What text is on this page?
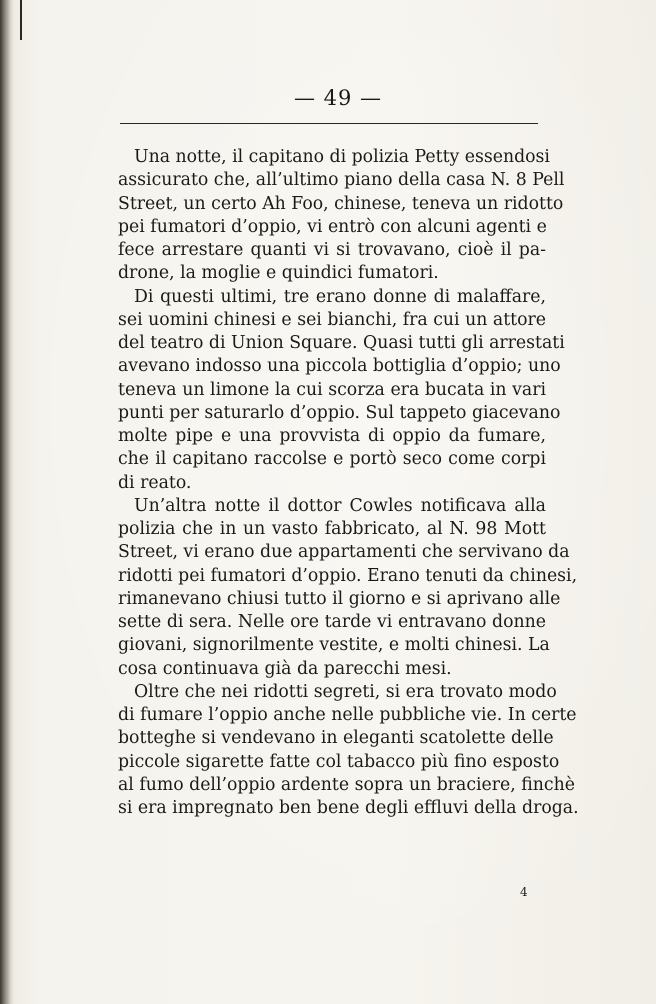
— 49 —
Una notte, il capitano di polizia Petty essendosi
assicurato che, all’ultimo piano della casa N. 8 Pell
Street, un certo Ah Foo, chinese, teneva un ridotto
pei fumatori d’oppio, vi entrò con alcuni agenti e
fece arrestare quanti vi si trovavano, cioè il pa-
drone, la moglie e quindici fumatori.
Di questi ultimi, tre erano donne di malaffare,
sei uomini chinesi e sei bianchi, fra cui un attore
del teatro di Union Square. Quasi tutti gli arrestati
avevano indosso una piccola bottiglia d’oppio; uno
teneva un limone la cui scorza era bucata in vari
punti per saturarlo d’oppio. Sul tappeto giacevano
molte pipe e una provvista di oppio da fumare,
che il capitano raccolse e portò seco come corpi
di reato.
Un’altra notte il dottor Cowles notificava alla
polizia che in un vasto fabbricato, al N. 98 Mott
Street, vi erano due appartamenti che servivano da
ridotti pei fumatori d’oppio. Erano tenuti da chinesi,
rimanevano chiusi tutto il giorno e si aprivano alle
sette di sera. Nelle ore tarde vi entravano donne
giovani, signorilmente vestite, e molti chinesi. La
cosa continuava già da parecchi mesi.
Oltre che nei ridotti segreti, si era trovato modo
di fumare l’oppio anche nelle pubbliche vie. In certe
botteghe si vendevano in eleganti scatolette delle
piccole sigarette fatte col tabacco più fino esposto
al fumo dell’oppio ardente sopra un braciere, finchè
si era impregnato ben bene degli effluvi della droga.
4
